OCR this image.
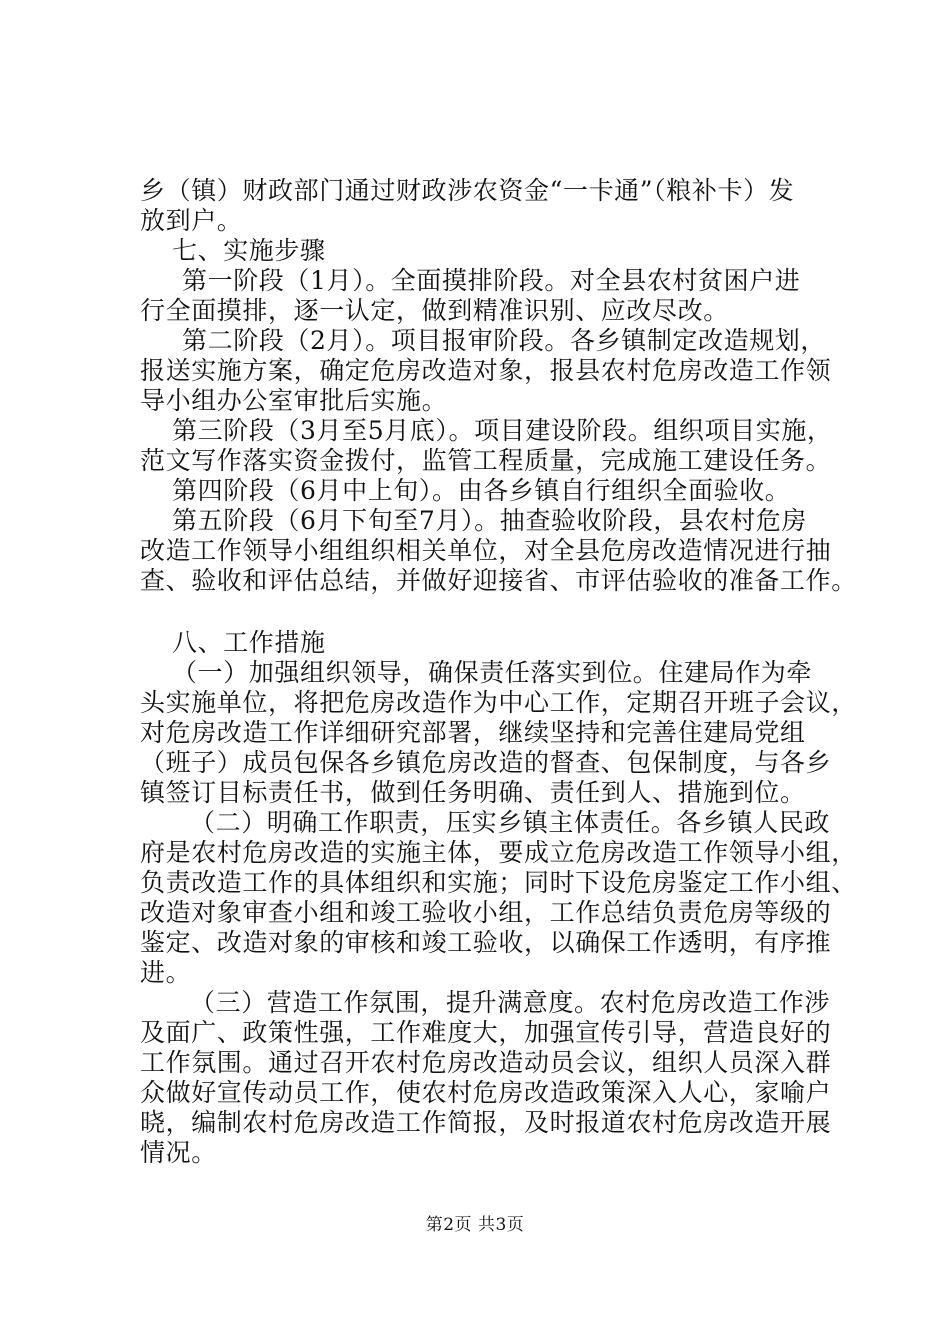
乡（镇）财政部门通过财政涉农资金“一卡通”（粮补卡）发
放到户。
七、实施步骤
第一阶段（1月）。全面摸排阶段。对全县农村贫困户进
行全面摸排，逐一认定，做到精准识别、应改尽改。
第二阶段（2月）。项目报审阶段。各乡镇制定改造规划，
报送实施方案，确定危房改造对象，报县农村危房改造工作领
导小组办公室审批后实施。
第三阶段（3月至5月底）。项目建设阶段。组织项目实施，
范文写作落实资金拨付，监管工程质量，完成施工建设任务。
第四阶段（6月中上旬）。由各乡镇自行组织全面验收。
第五阶段（6月下旬至7月）。抽查验收阶段，县农村危房
改造工作领导小组组织相关单位，对全县危房改造情况进行抽
查、验收和评估总结，并做好迎接省、市评估验收的准备工作。
八、工作措施
（一）加强组织领导，确保责任落实到位。住建局作为牵
头实施单位，将把危房改造作为中心工作，定期召开班子会议，
对危房改造工作详细研究部署，继续坚持和完善住建局党组
（班子）成员包保各乡镇危房改造的督查、包保制度，与各乡
镇签订目标责任书，做到任务明确、责任到人、措施到位。
（二）明确工作职责，压实乡镇主体责任。各乡镇人民政
府是农村危房改造的实施主体，要成立危房改造工作领导小组，
负责改造工作的具体组织和实施；同时下设危房鉴定工作小组、
改造对象审查小组和竣工验收小组，工作总结负责危房等级的
鉴定、改造对象的审核和竣工验收，以确保工作透明，有序推
进。
（三）营造工作氛围，提升满意度。农村危房改造工作涉
及面广、政策性强，工作难度大，加强宣传引导，营造良好的
工作氛围。通过召开农村危房改造动员会议，组织人员深入群
众做好宣传动员工作，使农村危房改造政策深入人心，家喻户
晓，编制农村危房改造工作简报，及时报道农村危房改造开展
情况。
第2页 共3页
